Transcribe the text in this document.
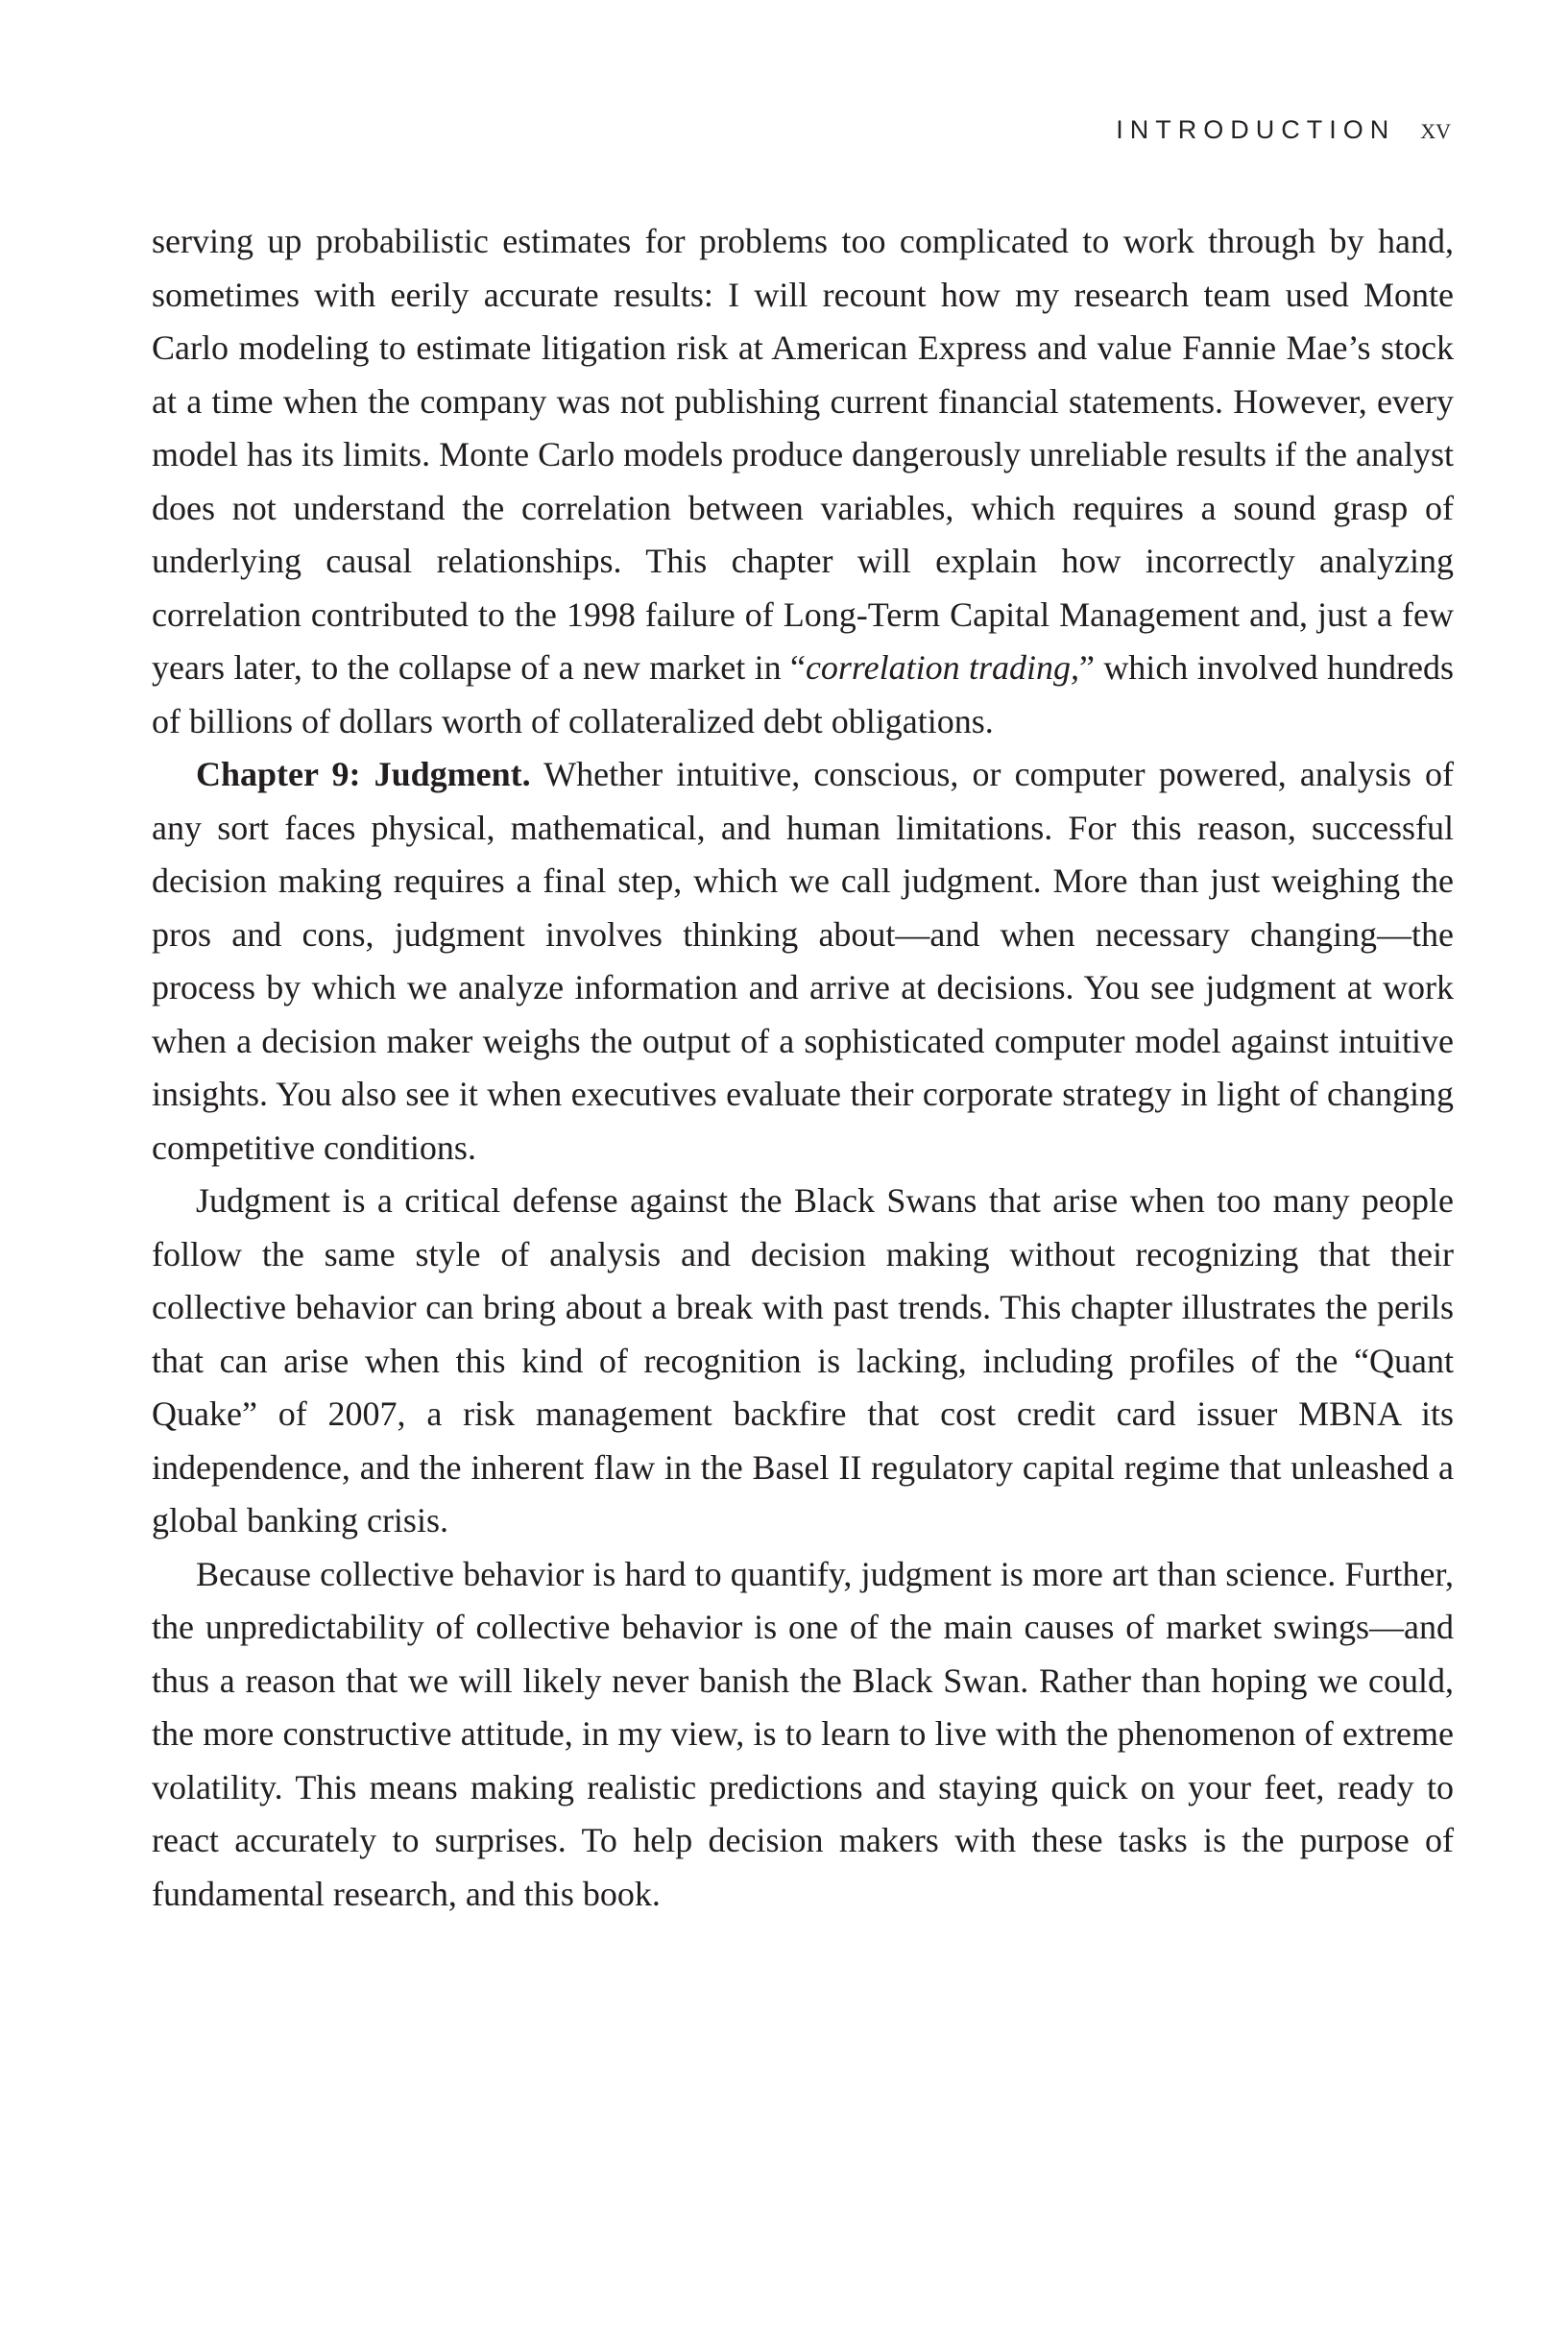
INTRODUCTION xv

serving up probabilistic estimates for problems too complicated to work through by hand, sometimes with eerily accurate results: I will recount how my research team used Monte Carlo modeling to estimate litigation risk at American Express and value Fannie Mae’s stock at a time when the company was not publishing current financial statements. However, every model has its limits. Monte Carlo models produce dangerously unreliable results if the analyst does not understand the correlation between variables, which requires a sound grasp of underlying causal relationships. This chapter will explain how incorrectly analyzing correlation contributed to the 1998 failure of Long-Term Capital Management and, just a few years later, to the collapse of a new market in “correlation trading,” which involved hundreds of billions of dollars worth of collateralized debt obligations.

Chapter 9: Judgment. Whether intuitive, conscious, or computer powered, analysis of any sort faces physical, mathematical, and human limitations. For this reason, successful decision making requires a final step, which we call judgment. More than just weighing the pros and cons, judgment involves thinking about—and when necessary changing—the process by which we analyze information and arrive at decisions. You see judgment at work when a decision maker weighs the output of a sophisticated computer model against intuitive insights. You also see it when executives evaluate their corporate strategy in light of changing competitive conditions.

Judgment is a critical defense against the Black Swans that arise when too many people follow the same style of analysis and decision making without recognizing that their collective behavior can bring about a break with past trends. This chapter illustrates the perils that can arise when this kind of recognition is lacking, including profiles of the “Quant Quake” of 2007, a risk management backfire that cost credit card issuer MBNA its independence, and the inherent flaw in the Basel II regulatory capital regime that unleashed a global banking crisis.

Because collective behavior is hard to quantify, judgment is more art than science. Further, the unpredictability of collective behavior is one of the main causes of market swings—and thus a reason that we will likely never banish the Black Swan. Rather than hoping we could, the more constructive attitude, in my view, is to learn to live with the phenomenon of extreme volatility. This means making realistic predictions and staying quick on your feet, ready to react accurately to surprises. To help decision makers with these tasks is the purpose of fundamental research, and this book.
